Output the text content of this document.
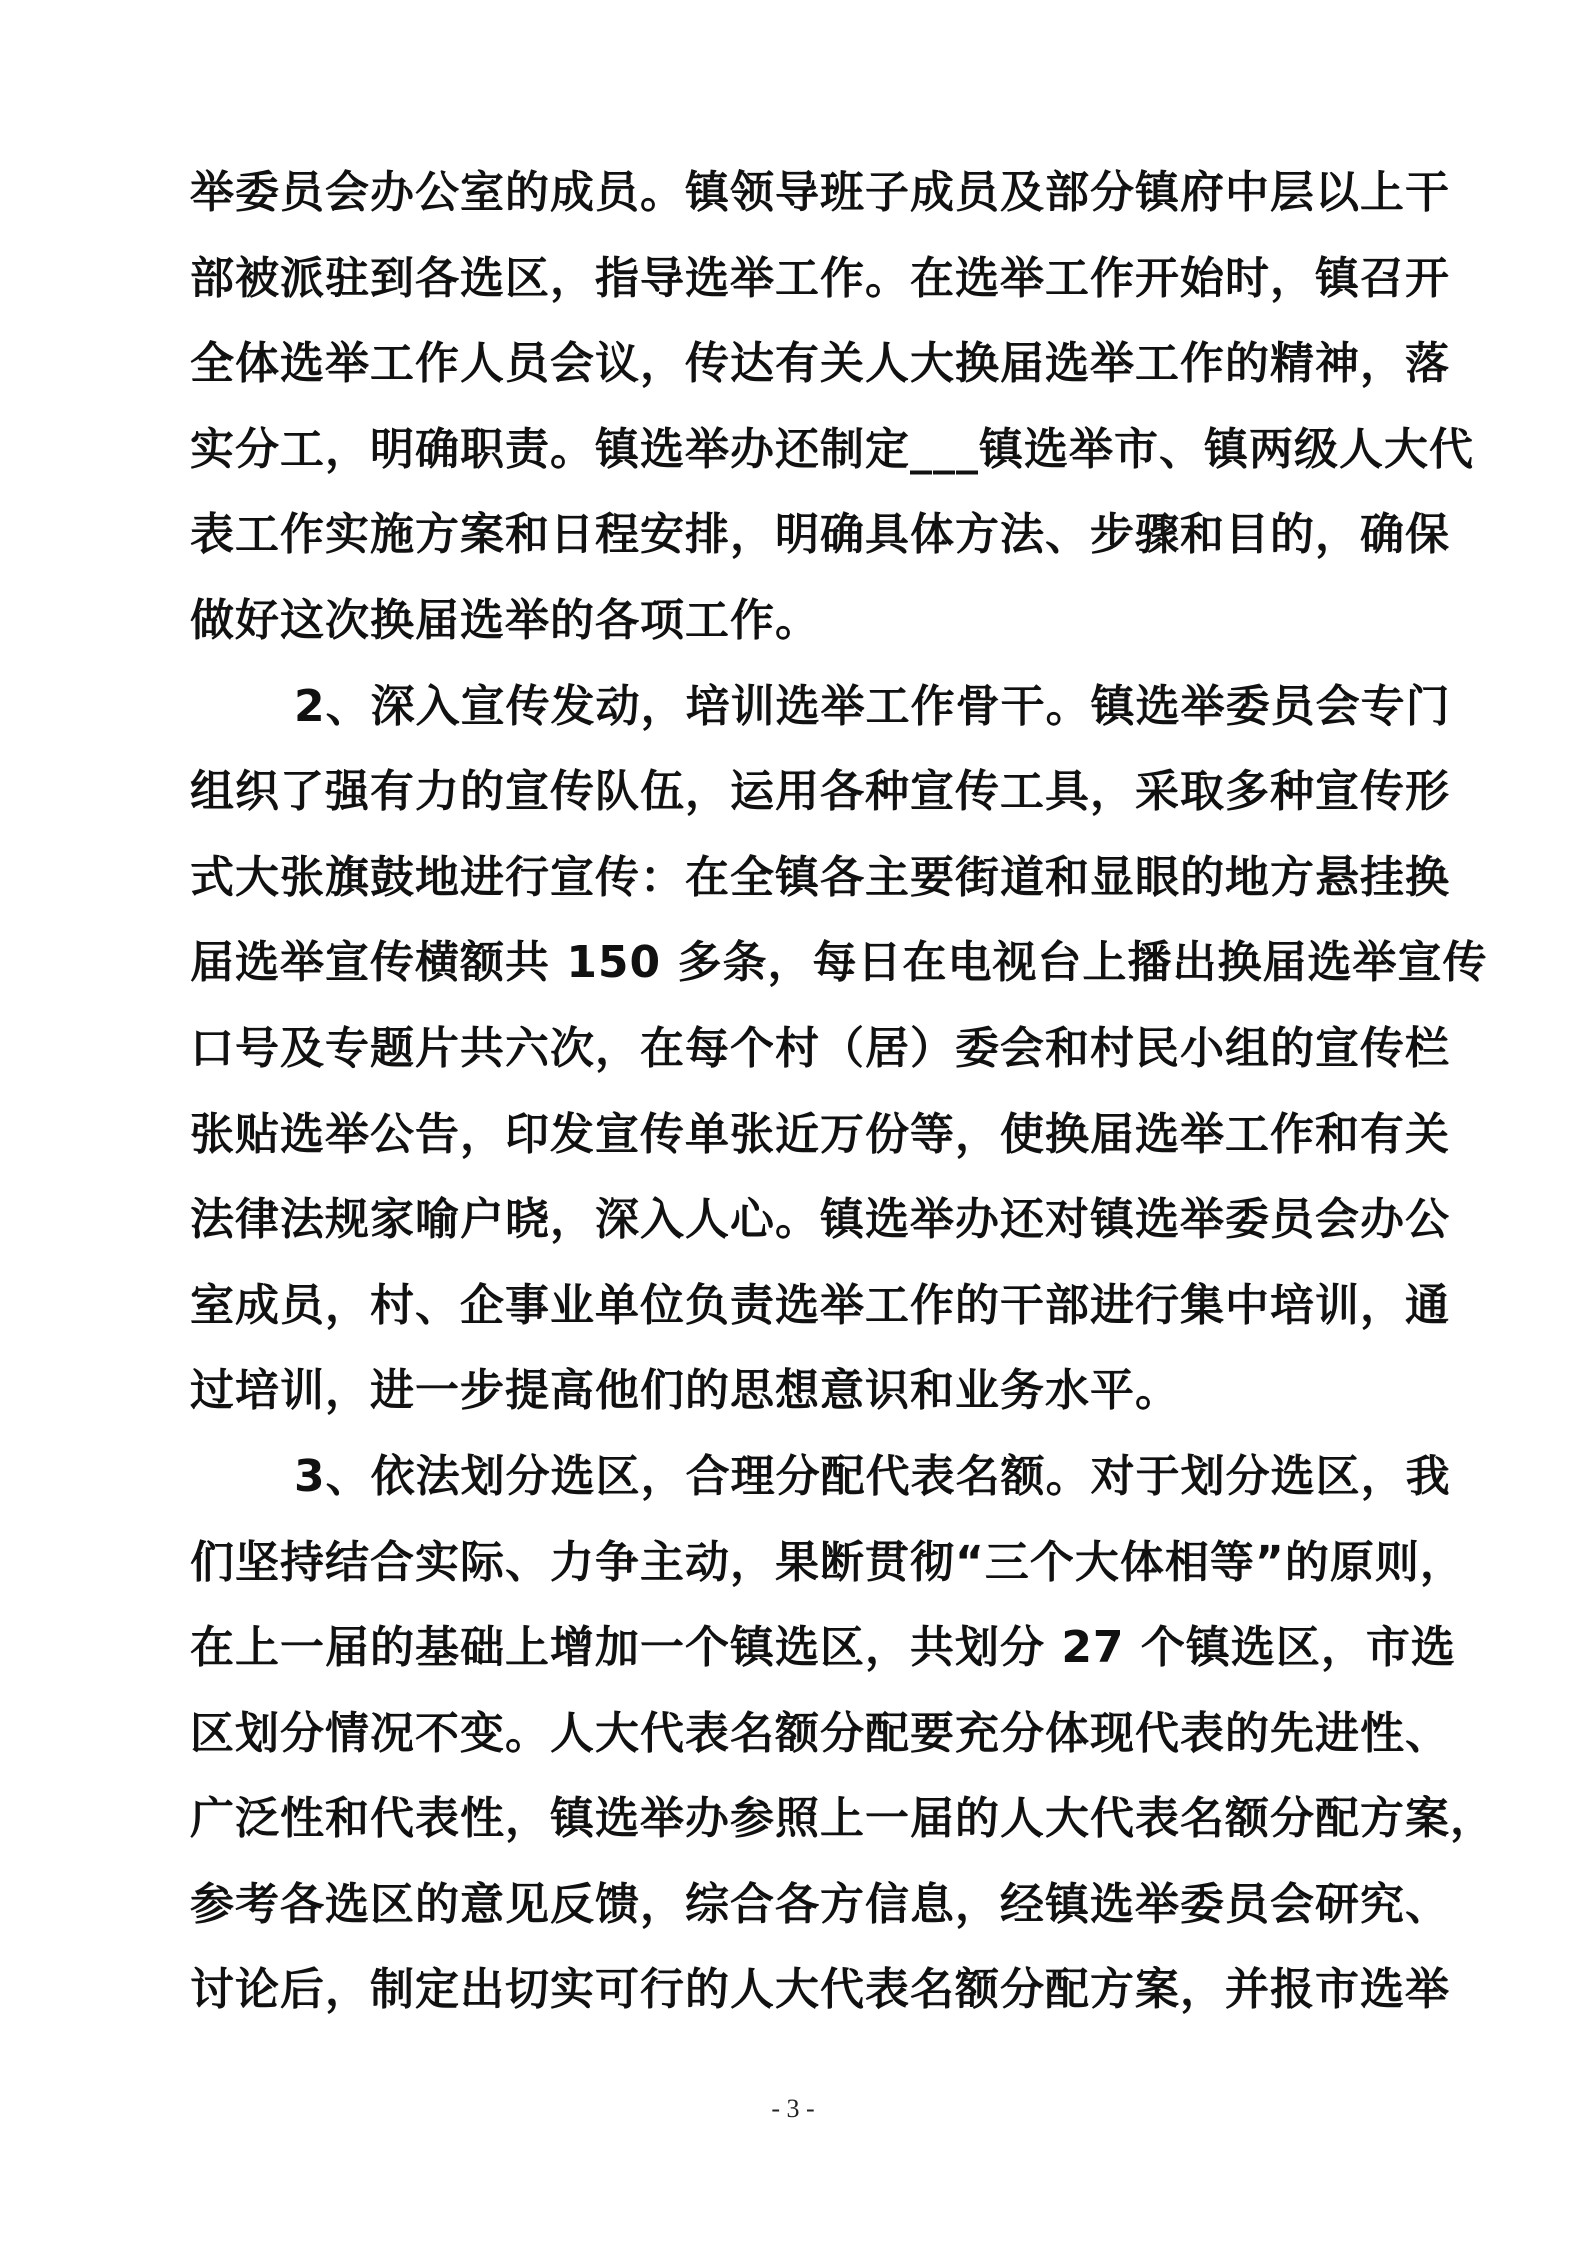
举委员会办公室的成员。镇领导班子成员及部分镇府中层以上干
部被派驻到各选区，指导选举工作。在选举工作开始时，镇召开
全体选举工作人员会议，传达有关人大换届选举工作的精神，落
实分工，明确职责。镇选举办还制定___镇选举市、镇两级人大代
表工作实施方案和日程安排，明确具体方法、步骤和目的，确保
做好这次换届选举的各项工作。
2、深入宣传发动，培训选举工作骨干。镇选举委员会专门
组织了强有力的宣传队伍，运用各种宣传工具，采取多种宣传形
式大张旗鼓地进行宣传：在全镇各主要街道和显眼的地方悬挂换
届选举宣传横额共 150 多条，每日在电视台上播出换届选举宣传
口号及专题片共六次，在每个村（居）委会和村民小组的宣传栏
张贴选举公告，印发宣传单张近万份等，使换届选举工作和有关
法律法规家喻户晓，深入人心。镇选举办还对镇选举委员会办公
室成员，村、企事业单位负责选举工作的干部进行集中培训，通
过培训，进一步提高他们的思想意识和业务水平。
3、依法划分选区，合理分配代表名额。对于划分选区，我
们坚持结合实际、力争主动，果断贯彻“三个大体相等”的原则，
在上一届的基础上增加一个镇选区，共划分 27 个镇选区，市选
区划分情况不变。人大代表名额分配要充分体现代表的先进性、
广泛性和代表性，镇选举办参照上一届的人大代表名额分配方案，
参考各选区的意见反馈，综合各方信息，经镇选举委员会研究、
讨论后，制定出切实可行的人大代表名额分配方案，并报市选举
- 3 -
